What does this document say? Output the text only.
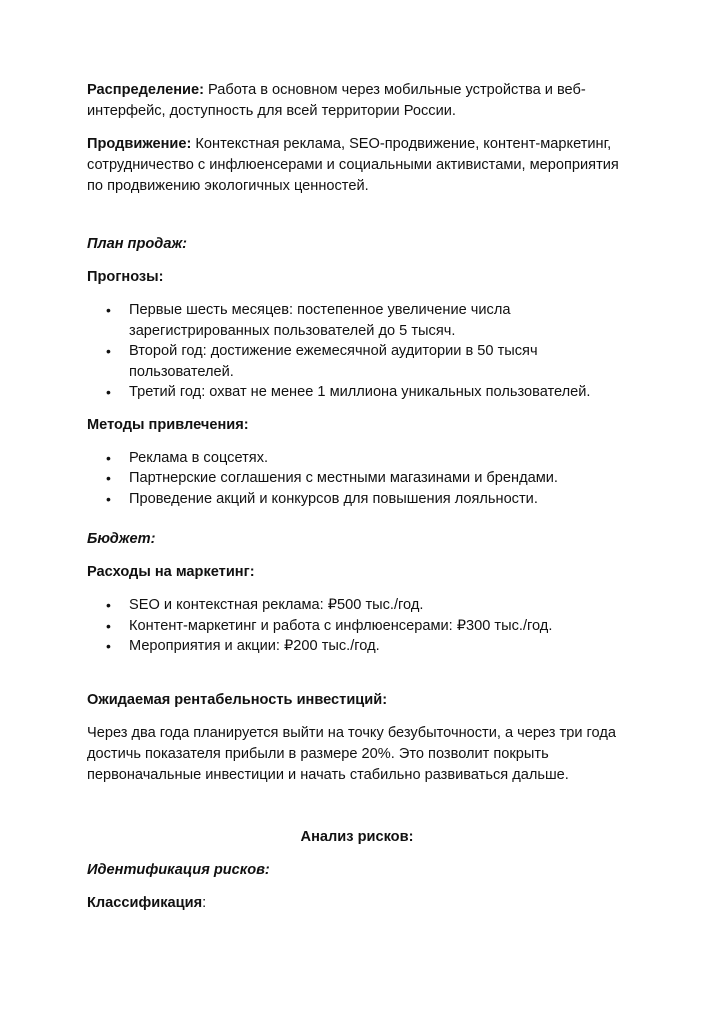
Распределение: Работа в основном через мобильные устройства и веб-интерфейс, доступность для всей территории России.

Продвижение: Контекстная реклама, SEO-продвижение, контент-маркетинг, сотрудничество с инфлюенсерами и социальными активистами, мероприятия по продвижению экологичных ценностей.

План продаж:

Прогнозы:

• Первые шесть месяцев: постепенное увеличение числа зарегистрированных пользователей до 5 тысяч.
• Второй год: достижение ежемесячной аудитории в 50 тысяч пользователей.
• Третий год: охват не менее 1 миллиона уникальных пользователей.

Методы привлечения:

• Реклама в соцсетях.
• Партнерские соглашения с местными магазинами и брендами.
• Проведение акций и конкурсов для повышения лояльности.

Бюджет:

Расходы на маркетинг:

• SEO и контекстная реклама: ₽500 тыс./год.
• Контент-маркетинг и работа с инфлюенсерами: ₽300 тыс./год.
• Мероприятия и акции: ₽200 тыс./год.

Ожидаемая рентабельность инвестиций:

Через два года планируется выйти на точку безубыточности, а через три года достичь показателя прибыли в размере 20%. Это позволит покрыть первоначальные инвестиции и начать стабильно развиваться дальше.

Анализ рисков:

Идентификация рисков:

Классификация:
